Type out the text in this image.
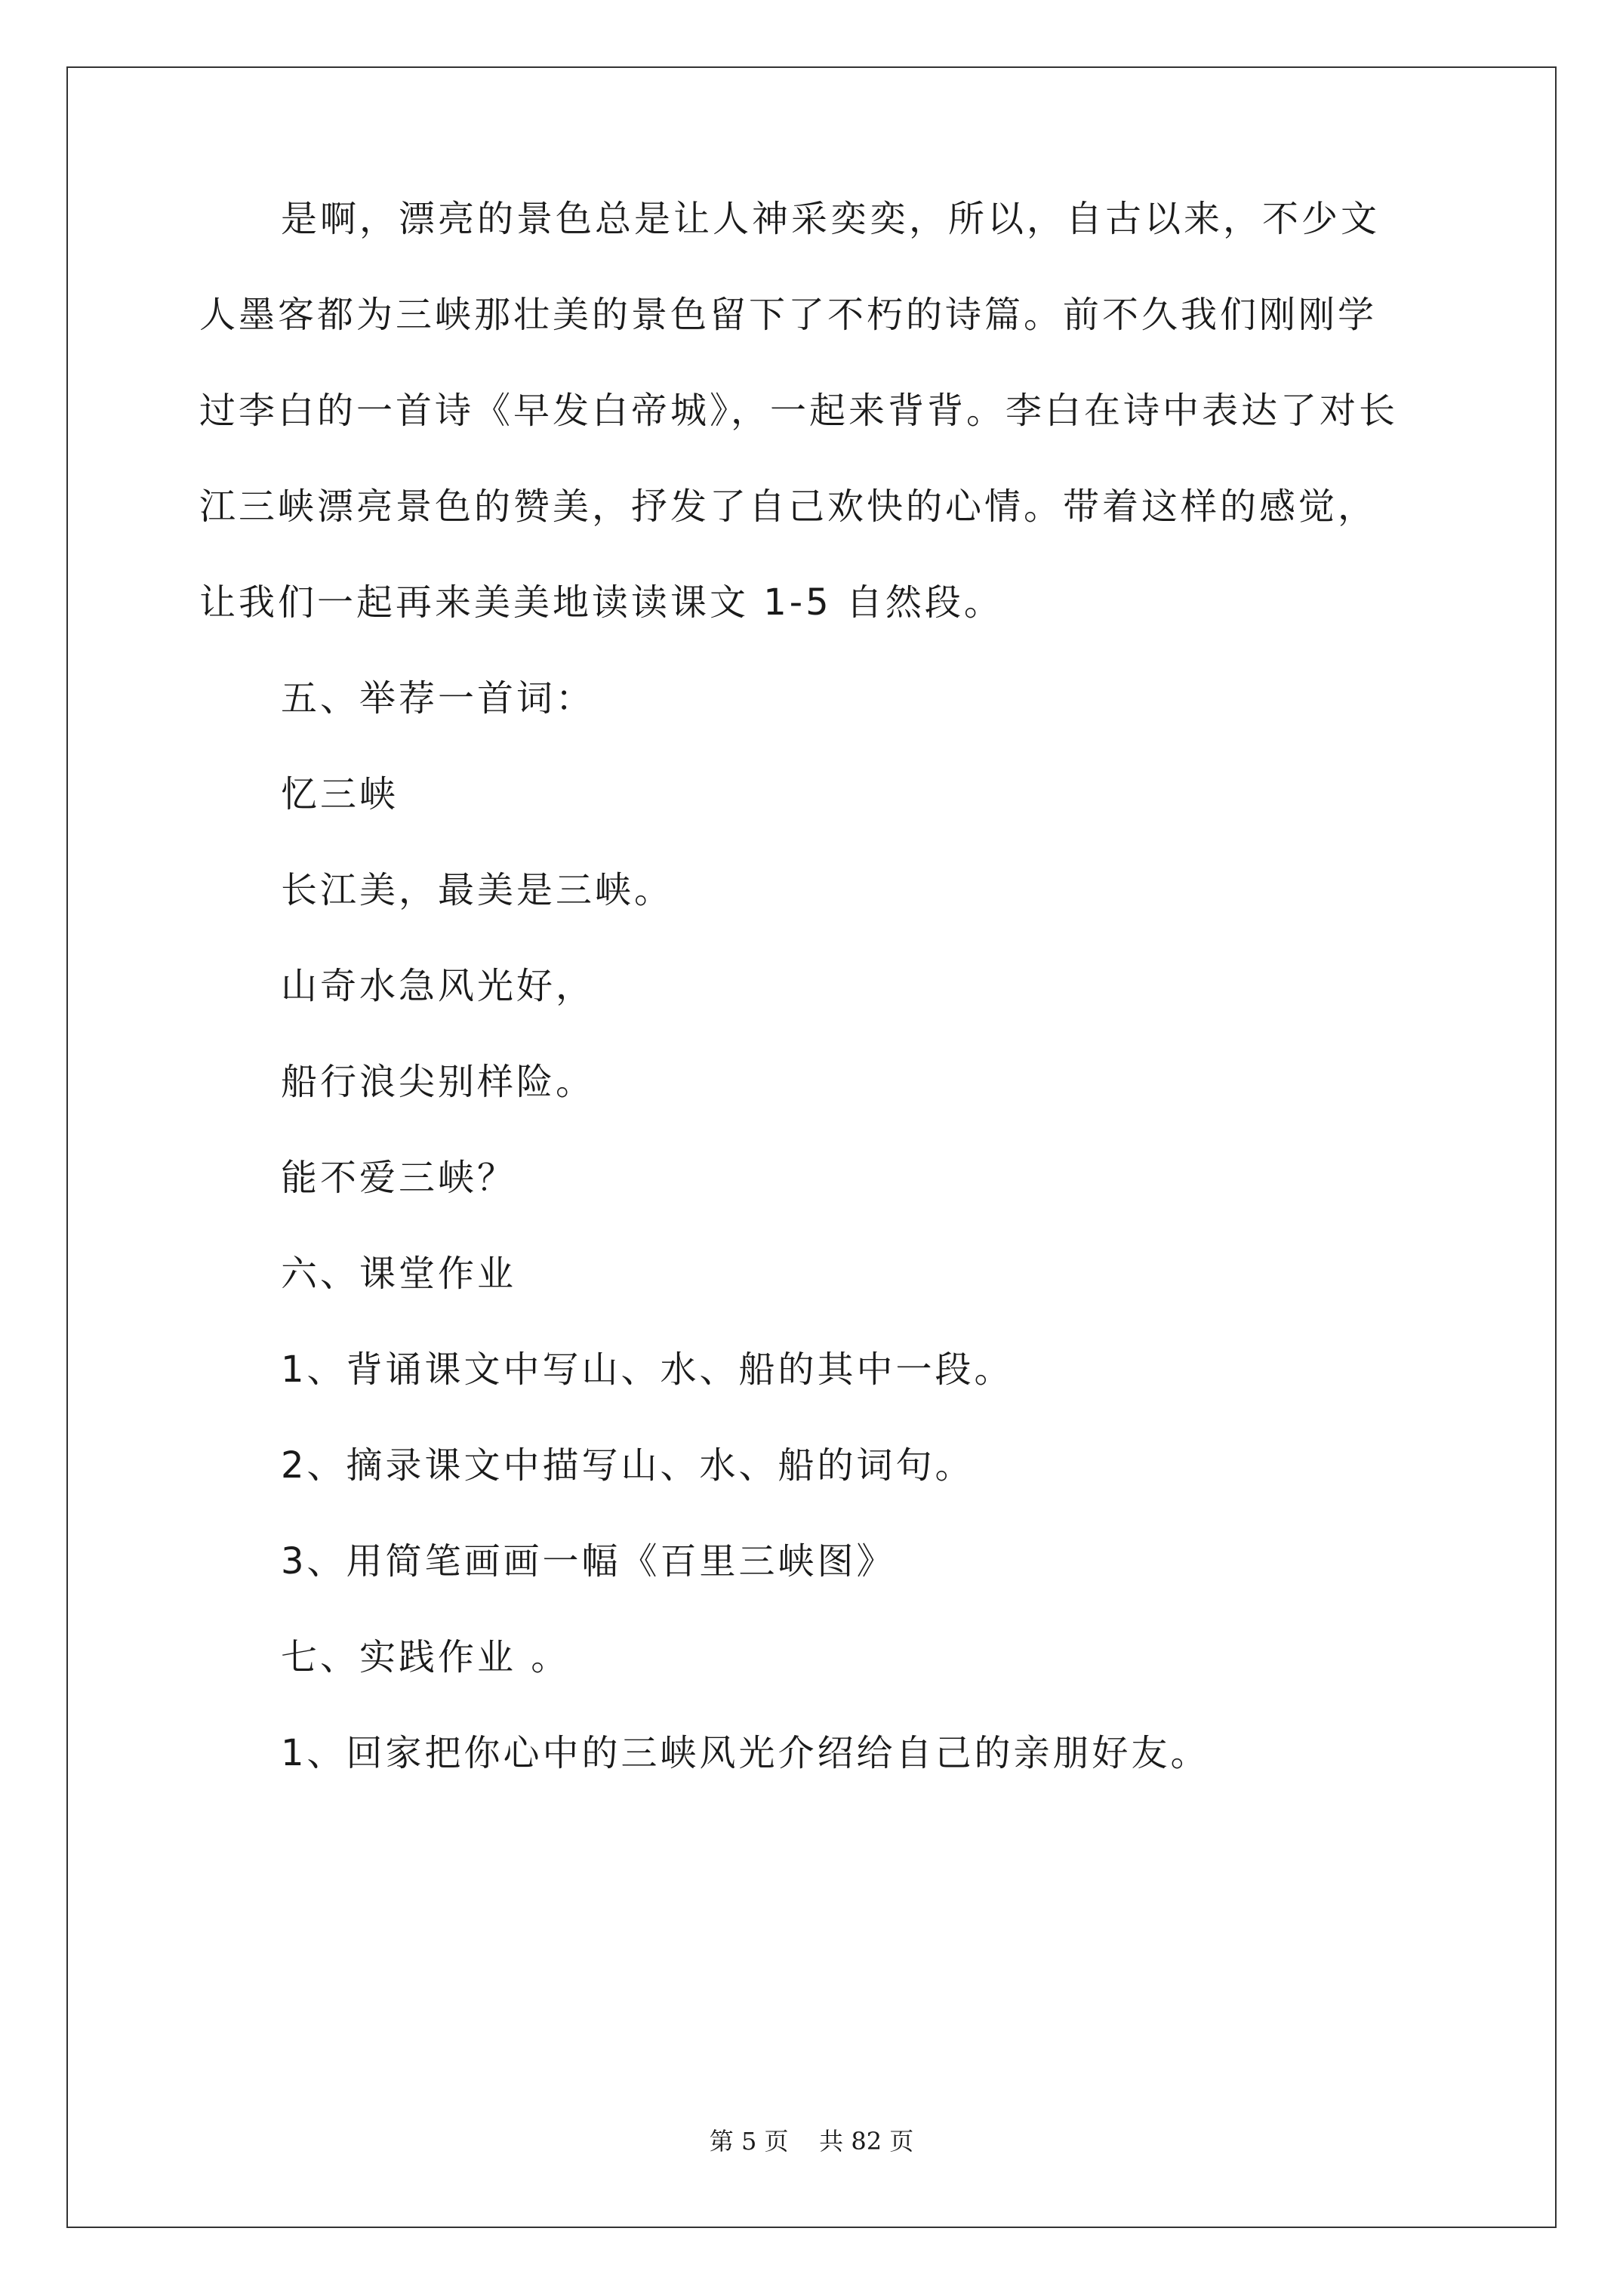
是啊，漂亮的景色总是让人神采奕奕，所以，自古以来，不少文
人墨客都为三峡那壮美的景色留下了不朽的诗篇。前不久我们刚刚学
过李白的一首诗《早发白帝城》，一起来背背。李白在诗中表达了对长
江三峡漂亮景色的赞美，抒发了自己欢快的心情。带着这样的感觉，
让我们一起再来美美地读读课文 1-5 自然段。
五、举荐一首词：
忆三峡
长江美，最美是三峡。
山奇水急风光好，
船行浪尖别样险。
能不爱三峡？
六、课堂作业
1、背诵课文中写山、水、船的其中一段。
2、摘录课文中描写山、水、船的词句。
3、用简笔画画一幅《百里三峡图》
七、实践作业 。
1、回家把你心中的三峡风光介绍给自己的亲朋好友。
第 5 页    共 82 页
